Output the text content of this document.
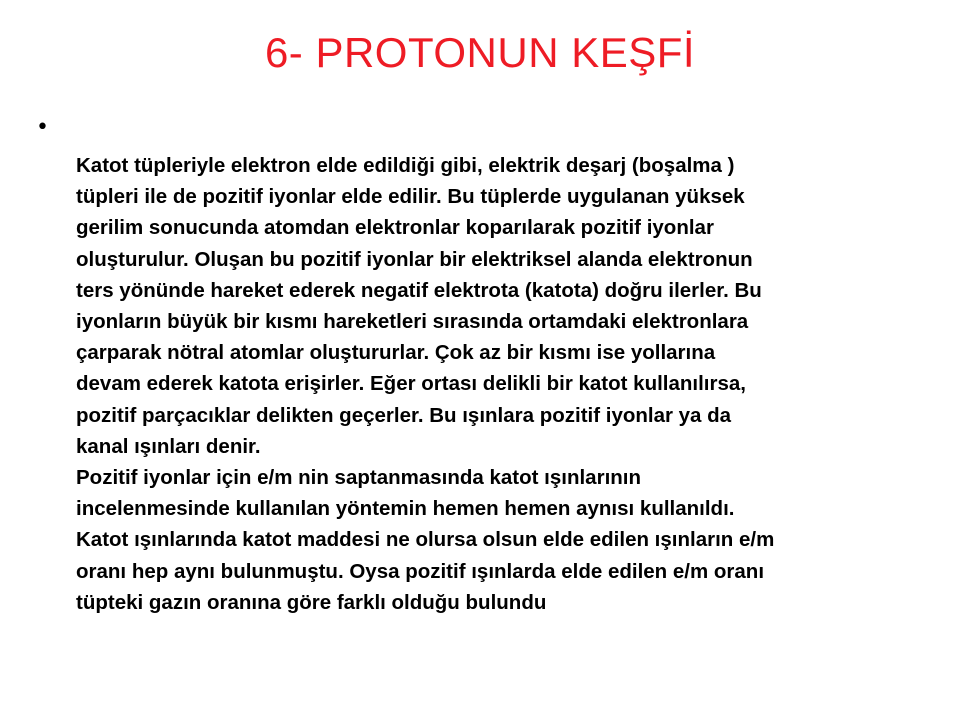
6- PROTONUN KEŞFİ
•
Katot tüpleriyle elektron elde edildiği gibi, elektrik deşarj (boşalma )
tüpleri ile de pozitif iyonlar elde edilir. Bu tüplerde uygulanan yüksek
gerilim sonucunda atomdan elektronlar koparılarak pozitif iyonlar
oluşturulur. Oluşan bu pozitif iyonlar bir elektriksel alanda elektronun
ters yönünde hareket ederek negatif elektrota (katota) doğru ilerler. Bu
iyonların büyük bir kısmı hareketleri sırasında ortamdaki elektronlara
çarparak nötral atomlar oluştururlar. Çok az bir kısmı ise yollarına
devam ederek katota erişirler. Eğer ortası delikli bir katot kullanılırsa,
pozitif parçacıklar delikten geçerler. Bu ışınlara pozitif iyonlar ya da
kanal ışınları denir.
Pozitif iyonlar için e/m nin saptanmasında katot ışınlarının
incelenmesinde kullanılan yöntemin hemen hemen aynısı kullanıldı.
Katot ışınlarında katot maddesi ne olursa olsun elde edilen ışınların e/m
oranı hep aynı bulunmuştu. Oysa pozitif ışınlarda elde edilen e/m oranı
tüpteki gazın oranına göre farklı olduğu bulundu
